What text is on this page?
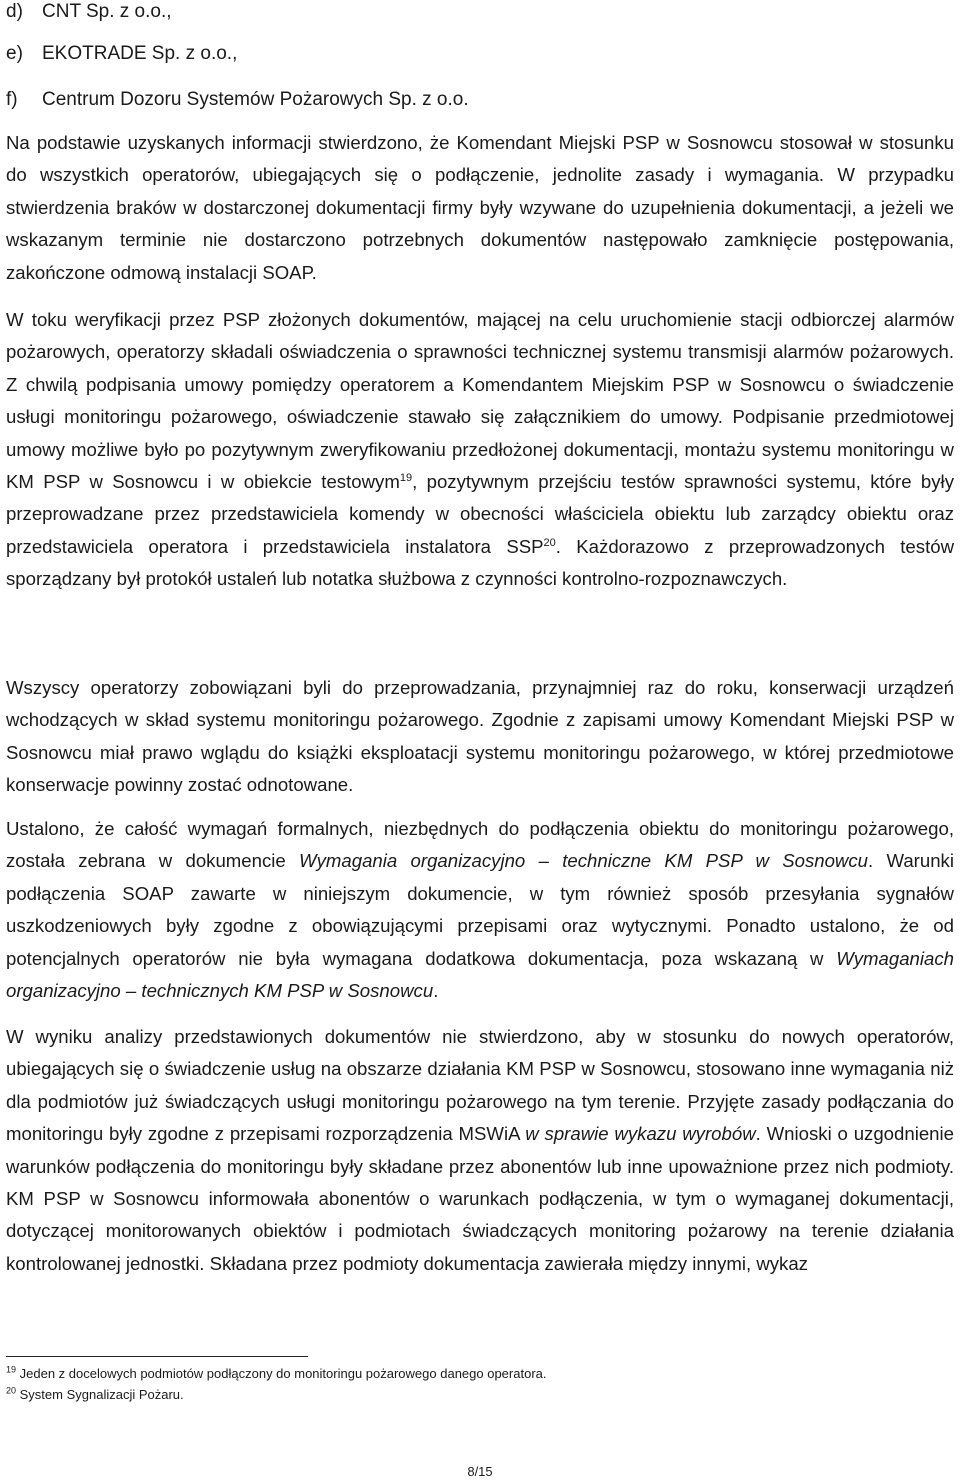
d) CNT Sp. z o.o.,
e) EKOTRADE Sp. z o.o.,
f) Centrum Dozoru Systemów Pożarowych Sp. z o.o.

Na podstawie uzyskanych informacji stwierdzono, że Komendant Miejski PSP w Sosnowcu stosował w stosunku do wszystkich operatorów, ubiegających się o podłączenie, jednolite zasady i wymagania. W przypadku stwierdzenia braków w dostarczonej dokumentacji firmy były wzywane do uzupełnienia dokumentacji, a jeżeli we wskazanym terminie nie dostarczono potrzebnych dokumentów następowało zamknięcie postępowania, zakończone odmową instalacji SOAP.

W toku weryfikacji przez PSP złożonych dokumentów, mającej na celu uruchomienie stacji odbiorczej alarmów pożarowych, operatorzy składali oświadczenia o sprawności technicznej systemu transmisji alarmów pożarowych. Z chwilą podpisania umowy pomiędzy operatorem a Komendantem Miejskim PSP w Sosnowcu o świadczenie usługi monitoringu pożarowego, oświadczenie stawało się załącznikiem do umowy. Podpisanie przedmiotowej umowy możliwe było po pozytywnym zweryfikowaniu przedłożonej dokumentacji, montażu systemu monitoringu w KM PSP w Sosnowcu i w obiekcie testowym$^{19}$, pozytywnym przejściu testów sprawności systemu, które były przeprowadzane przez przedstawiciela komendy w obecności właściciela obiektu lub zarządcy obiektu oraz przedstawiciela operatora i przedstawiciela instalatora SSP$^{20}$. Każdorazowo z przeprowadzonych testów sporządzany był protokół ustaleń lub notatka służbowa z czynności kontrolno-rozpoznawczych.

Wszyscy operatorzy zobowiązani byli do przeprowadzania, przynajmniej raz do roku, konserwacji urządzeń wchodzących w skład systemu monitoringu pożarowego. Zgodnie z zapisami umowy Komendant Miejski PSP w Sosnowcu miał prawo wglądu do książki eksploatacji systemu monitoringu pożarowego, w której przedmiotowe konserwacje powinny zostać odnotowane.

Ustalono, że całość wymagań formalnych, niezbędnych do podłączenia obiektu do monitoringu pożarowego, została zebrana w dokumencie Wymagania organizacyjno – techniczne KM PSP w Sosnowcu. Warunki podłączenia SOAP zawarte w niniejszym dokumencie, w tym również sposób przesyłania sygnałów uszkodzeniowych były zgodne z obowiązującymi przepisami oraz wytycznymi. Ponadto ustalono, że od potencjalnych operatorów nie była wymagana dodatkowa dokumentacja, poza wskazaną w Wymaganiach organizacyjno – technicznych KM PSP w Sosnowcu.

W wyniku analizy przedstawionych dokumentów nie stwierdzono, aby w stosunku do nowych operatorów, ubiegających się o świadczenie usług na obszarze działania KM PSP w Sosnowcu, stosowano inne wymagania niż dla podmiotów już świadczących usługi monitoringu pożarowego na tym terenie. Przyjęte zasady podłączania do monitoringu były zgodne z przepisami rozporządzenia MSWiA w sprawie wykazu wyrobów. Wnioski o uzgodnienie warunków podłączenia do monitoringu były składane przez abonentów lub inne upoważnione przez nich podmioty. KM PSP w Sosnowcu informowała abonentów o warunkach podłączenia, w tym o wymaganej dokumentacji, dotyczącej monitorowanych obiektów i podmiotach świadczących monitoring pożarowy na terenie działania kontrolowanej jednostki. Składana przez podmioty dokumentacja zawierała między innymi, wykaz

$^{19}$ Jeden z docelowych podmiotów podłączony do monitoringu pożarowego danego operatora.
$^{20}$ System Sygnalizacji Pożaru.
8/15
